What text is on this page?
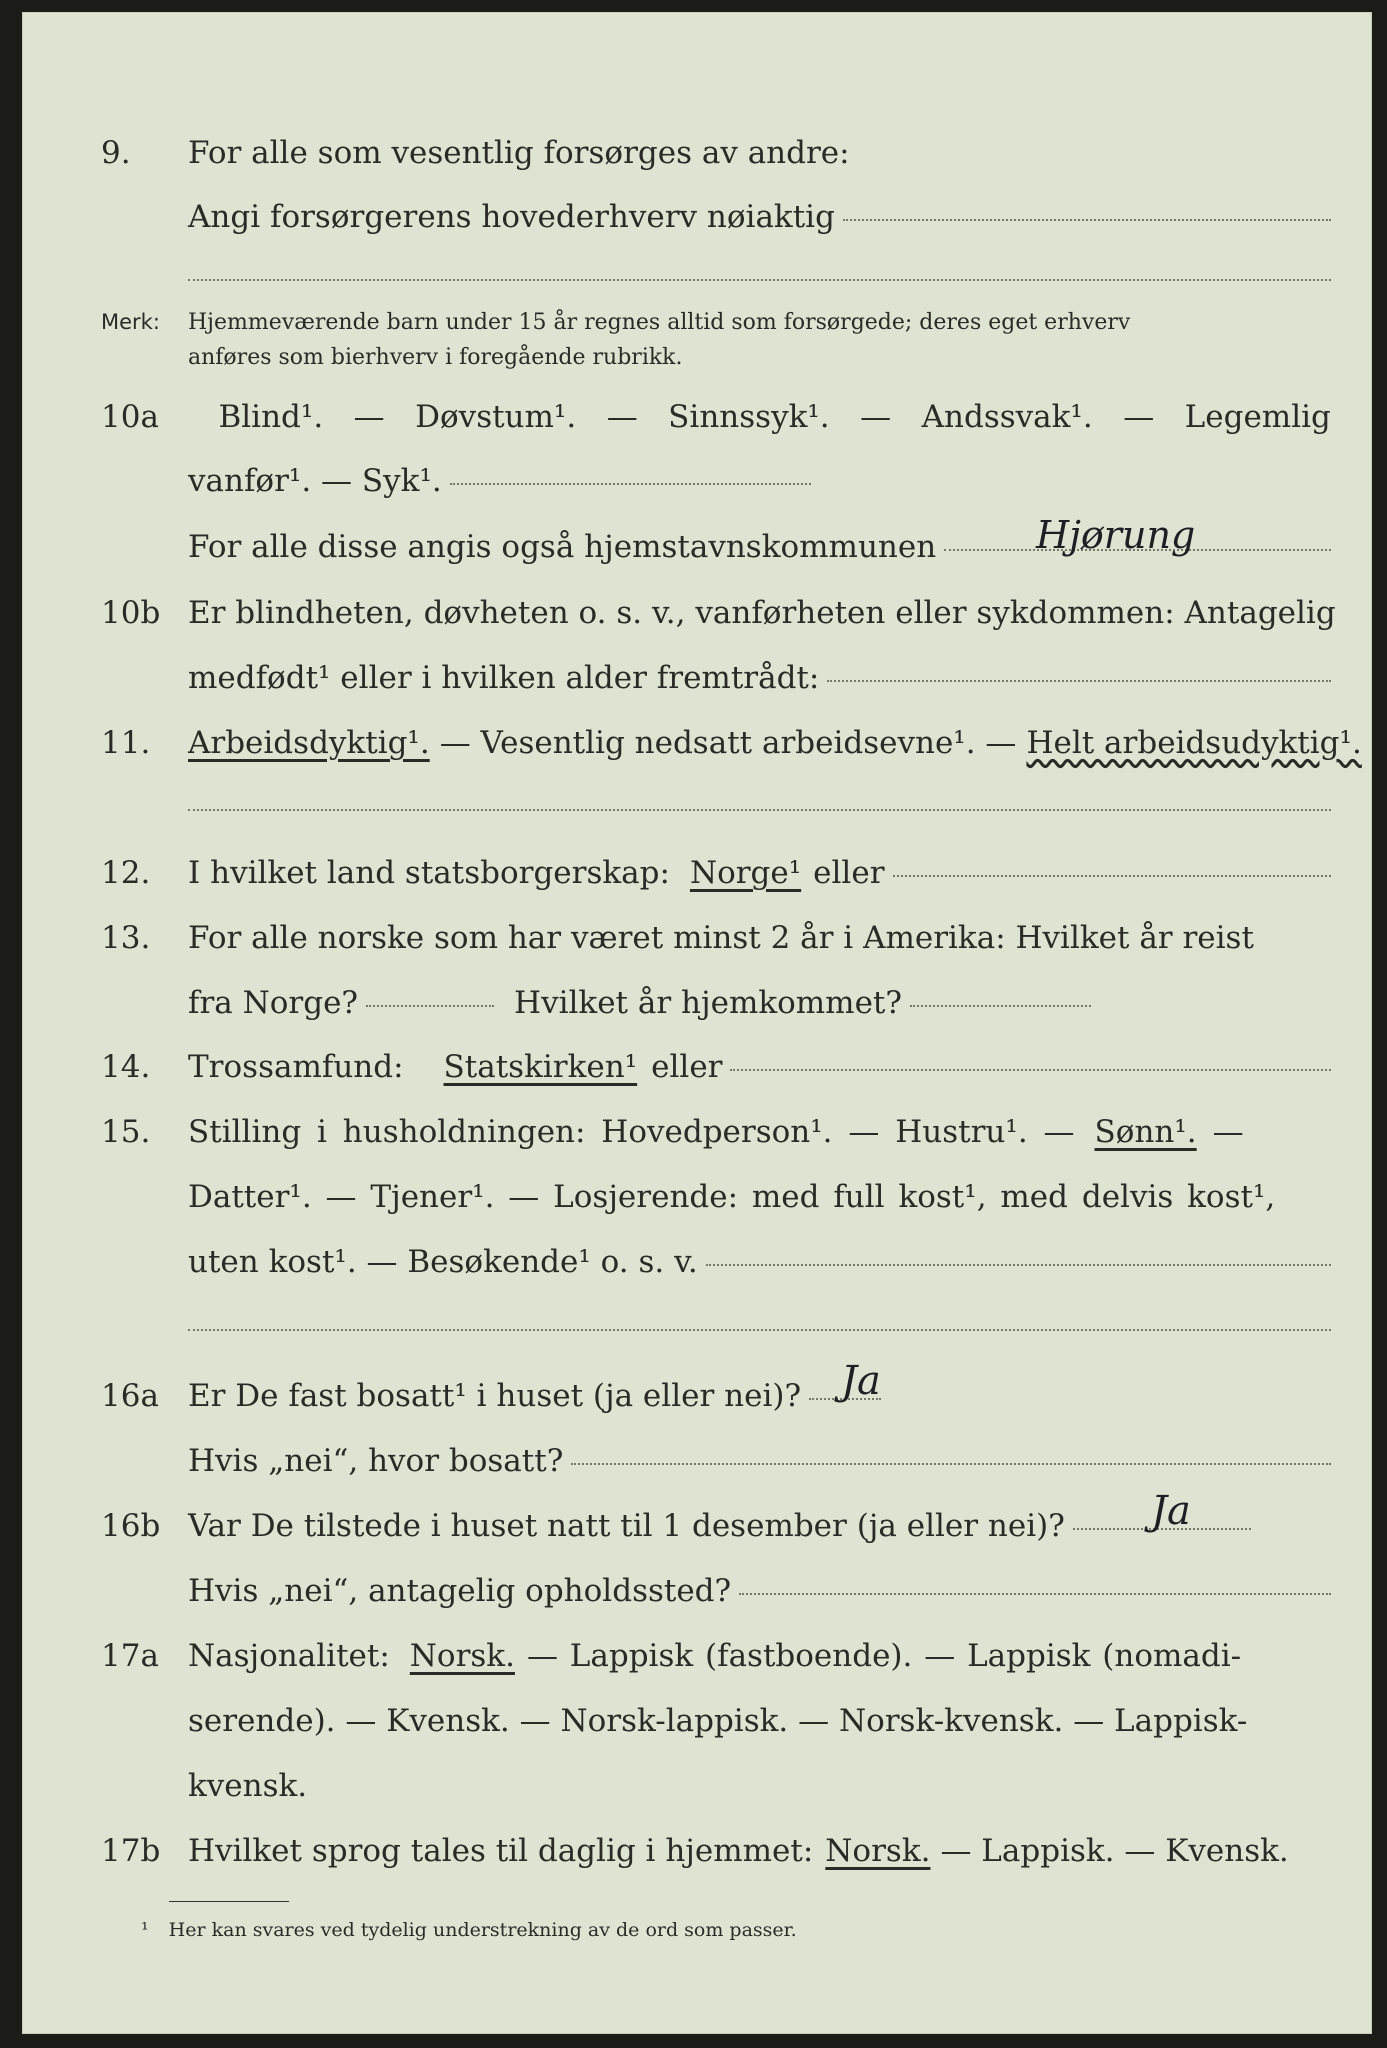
9.	For alle som vesentlig forsørges av andre:
Angi forsørgerens hovederhverv nøiaktig
Merk: Hjemmeværende barn under 15 år regnes alltid som forsørgede; deres eget erhverv
anføres som bierhverv i foregående rubrikk.
10a	Blind¹. — Døvstum¹. — Sinnssyk¹. — Andssvak¹. — Legemlig
vanfør¹. — Syk¹.
For alle disse angis også hjemstavnskommunen	Hjørung
10b Er blindheten, døvheten o. s. v., vanførheten eller sykdommen: Antagelig
medfødt¹ eller i hvilken alder fremtrådt:
11.	Arbeidsdyktig¹. — Vesentlig nedsatt arbeidsevne¹. — Helt arbeidsudyktig¹.
12.	I hvilket land statsborgerskap: Norge¹ eller
13.	For alle norske som har været minst 2 år i Amerika: Hvilket år reist
fra Norge?	Hvilket år hjemkommet?
14.	Trossamfund: Statskirken¹ eller
15.	Stilling i husholdningen: Hovedperson¹. — Hustru¹. — Sønn¹. —
Datter¹. — Tjener¹. — Losjerende: med full kost¹, med delvis kost¹,
uten kost¹. — Besøkende¹ o. s. v.
16a Er De fast bosatt¹ i huset (ja eller nei)? Ja
Hvis „nei“, hvor bosatt?
16b Var De tilstede i huset natt til 1 desember (ja eller nei)? Ja
Hvis „nei“, antagelig opholdssted?
17a Nasjonalitet: Norsk. — Lappisk (fastboende). — Lappisk (nomadi-
serende). — Kvensk. — Norsk-lappisk. — Norsk-kvensk. — Lappisk-
kvensk.
17b Hvilket sprog tales til daglig i hjemmet: Norsk. — Lappisk. — Kvensk.
¹ Her kan svares ved tydelig understrekning av de ord som passer.
